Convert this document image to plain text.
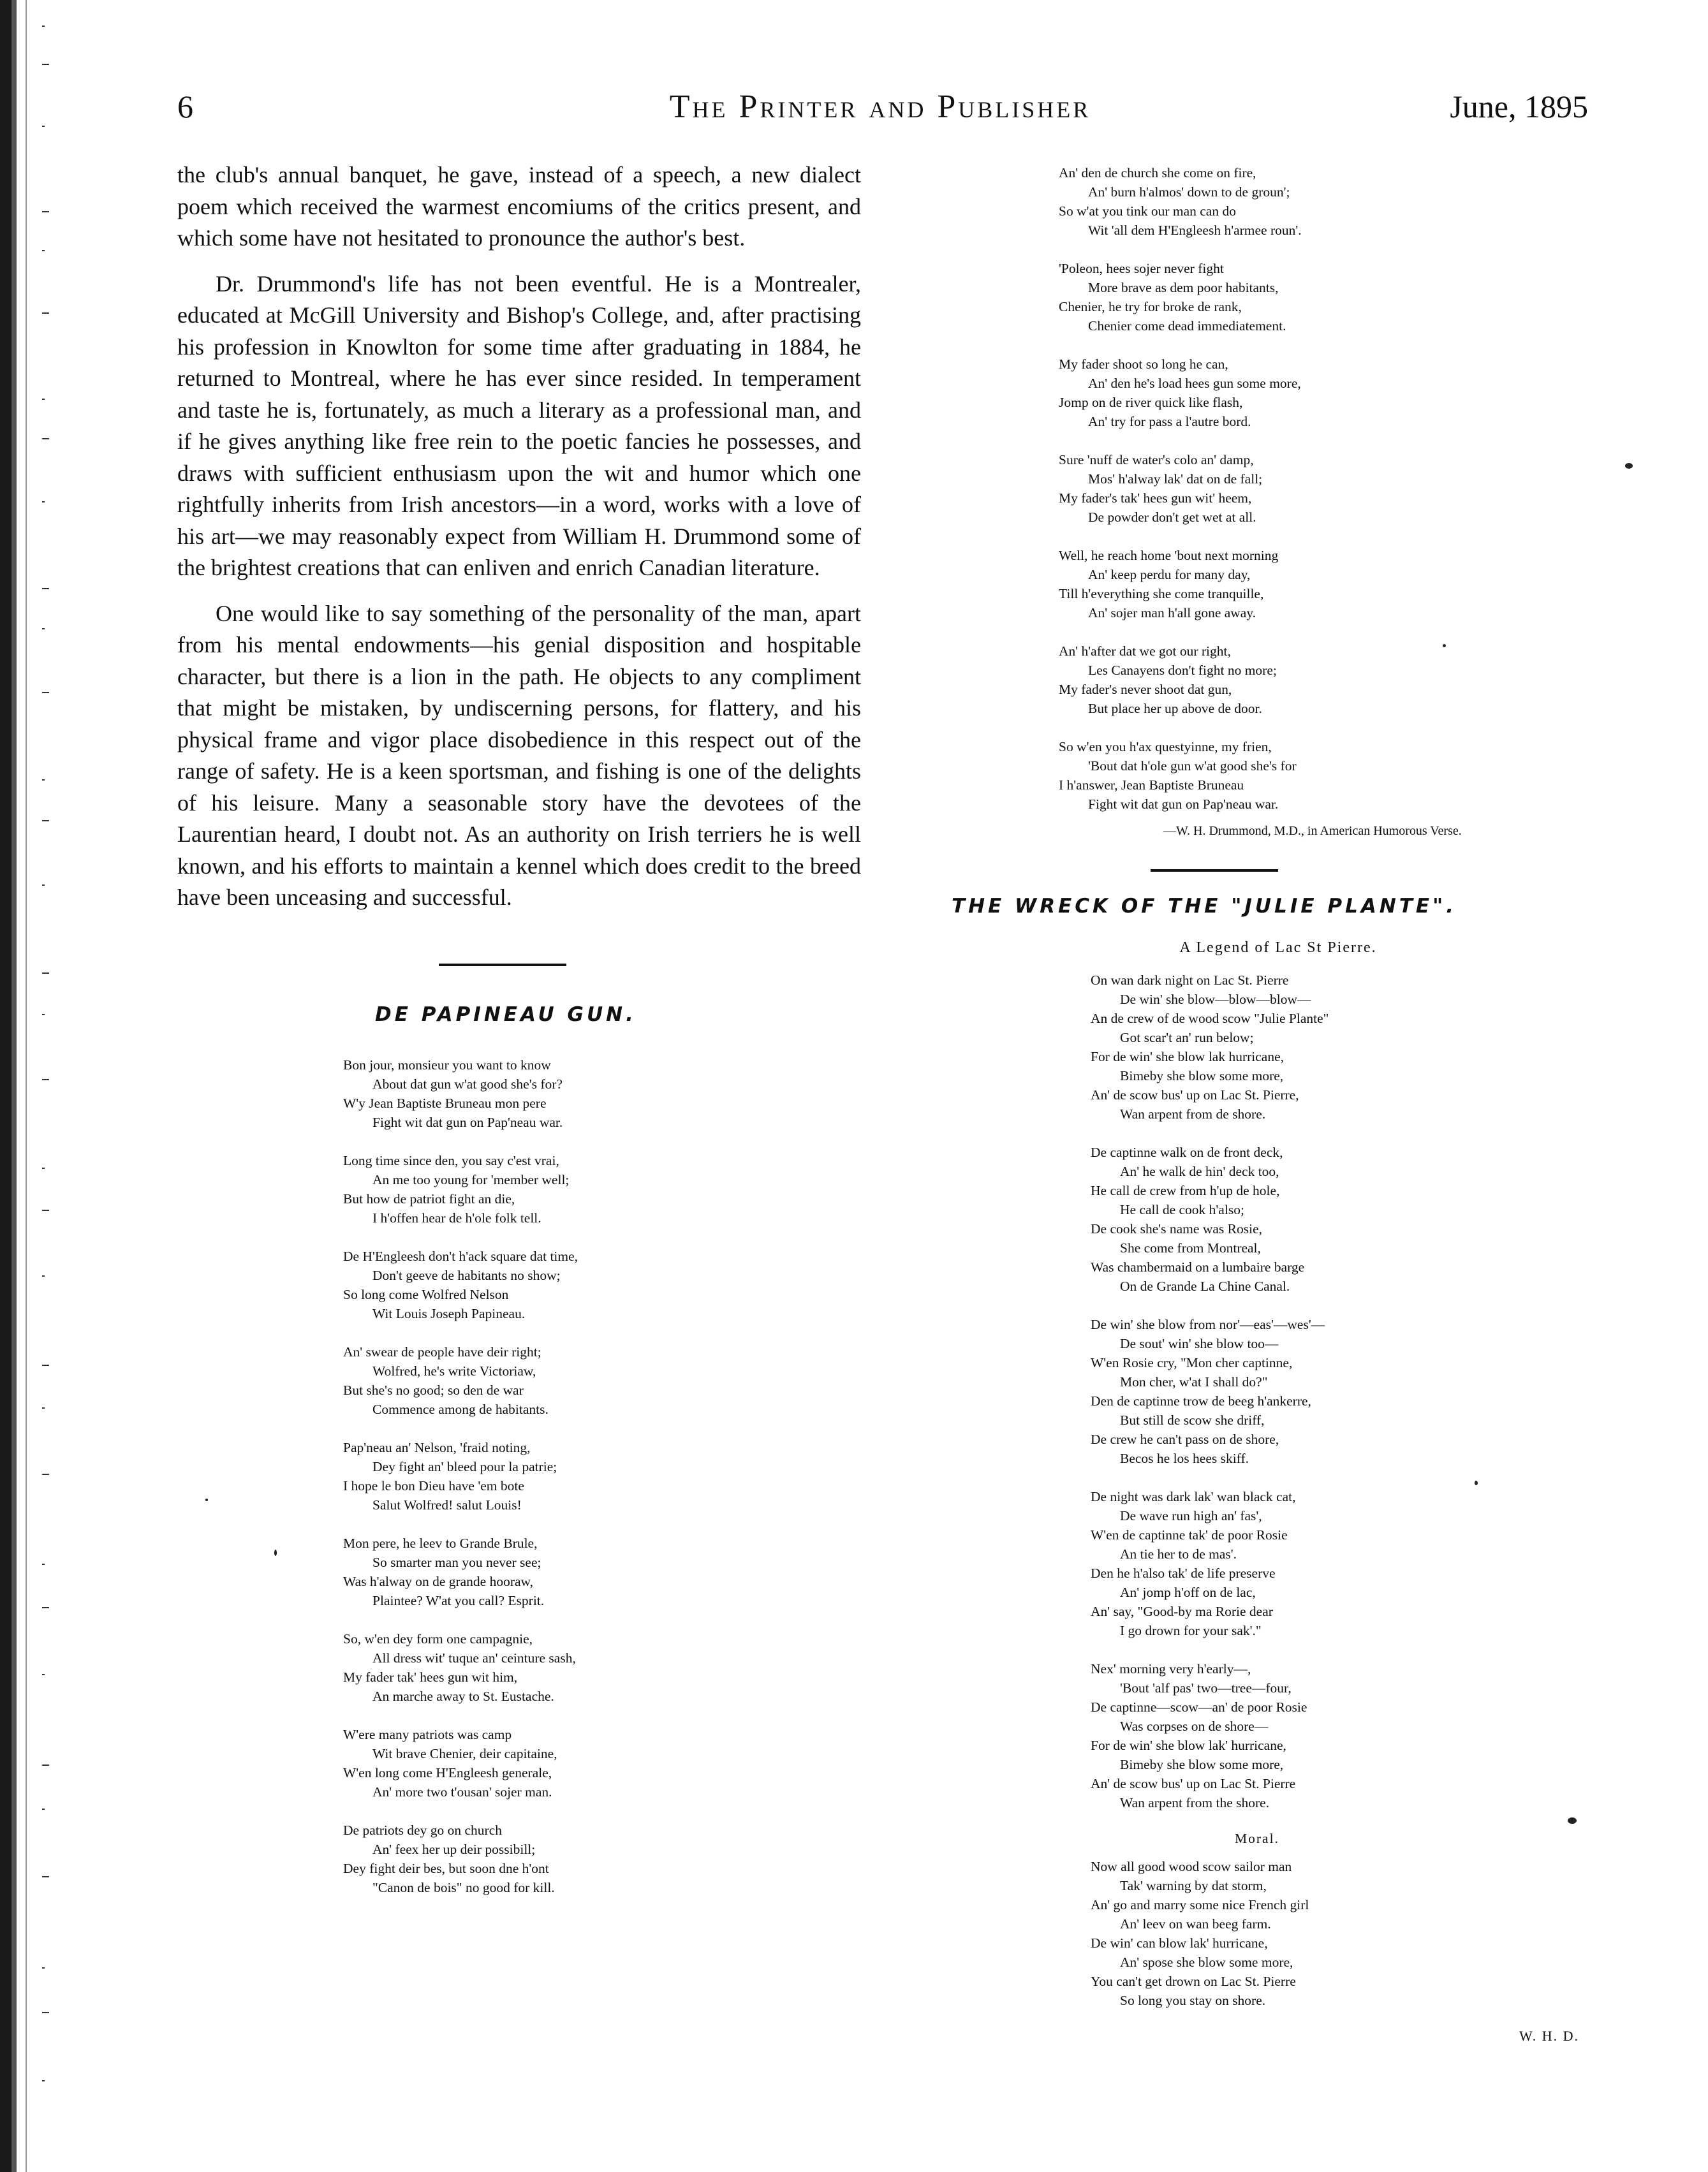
6	The Printer and Publisher	June, 1895

the club's annual banquet, he gave, instead of a speech, a new dialect poem which received the warmest encomiums of the critics present, and which some have not hesitated to pronounce the author's best.

Dr. Drummond's life has not been eventful. He is a Montrealer, educated at McGill University and Bishop's College, and, after practising his profession in Knowlton for some time after graduating in 1884, he returned to Montreal, where he has ever since resided. In temperament and taste he is, fortunately, as much a literary as a professional man, and if he gives anything like free rein to the poetic fancies he possesses, and draws with sufficient enthusiasm upon the wit and humor which one rightfully inherits from Irish ancestors—in a word, works with a love of his art—we may reasonably expect from William H. Drummond some of the brightest creations that can enliven and enrich Canadian literature.

One would like to say something of the personality of the man, apart from his mental endowments—his genial disposition and hospitable character, but there is a lion in the path. He objects to any compliment that might be mistaken, by undiscerning persons, for flattery, and his physical frame and vigor place disobedience in this respect out of the range of safety. He is a keen sportsman, and fishing is one of the delights of his leisure. Many a seasonable story have the devotees of the Laurentian heard, I doubt not. As an authority on Irish terriers he is well known, and his efforts to maintain a kennel which does credit to the breed have been unceasing and successful.

DE PAPINEAU GUN.
Bon jour, monsieur you want to know
About dat gun w'at good she's for?
W'y Jean Baptiste Bruneau mon pere
Fight wit dat gun on Pap'neau war.
Long time since den, you say c'est vrai,
An me too young for 'member well;
But how de patriot fight an die,
I h'offen hear de h'ole folk tell.
De H'Engleesh don't h'ack square dat time,
Don't geeve de habitants no show;
So long come Wolfred Nelson
Wit Louis Joseph Papineau.
An' swear de people have deir right;
Wolfred, he's write Victoriaw,
But she's no good; so den de war
Commence among de habitants.
Pap'neau an' Nelson, 'fraid noting,
Dey fight an' bleed pour la patrie;
I hope le bon Dieu have 'em bote
Salut Wolfred! salut Louis!
Mon pere, he leev to Grande Brule,
So smarter man you never see;
Was h'alway on de grande hooraw,
Plaintee? W'at you call? Esprit.
So, w'en dey form one campagnie,
All dress wit' tuque an' ceinture sash,
My fader tak' hees gun wit him,
An marche away to St. Eustache.
W'ere many patriots was camp
Wit brave Chenier, deir capitaine,
W'en long come H'Engleesh generale,
An' more two t'ousan' sojer man.
De patriots dey go on church
An' feex her up deir possibill;
Dey fight deir bes, but soon dne h'ont
"Canon de bois" no good for kill.
An' den de church she come on fire,
An' burn h'almos' down to de groun';
So w'at you tink our man can do
Wit 'all dem H'Engleesh h'armee roun'.
'Poleon, hees sojer never fight
More brave as dem poor habitants,
Chenier, he try for broke de rank,
Chenier come dead immediatement.
My fader shoot so long he can,
An' den he's load hees gun some more,
Jomp on de river quick like flash,
An' try for pass a l'autre bord.
Sure 'nuff de water's colo an' damp,
Mos' h'alway lak' dat on de fall;
My fader's tak' hees gun wit' heem,
De powder don't get wet at all.
Well, he reach home 'bout next morning
An' keep perdu for many day,
Till h'everything she come tranquille,
An' sojer man h'all gone away.
An' h'after dat we got our right,
Les Canayens don't fight no more;
My fader's never shoot dat gun,
But place her up above de door.
So w'en you h'ax questyinne, my frien,
'Bout dat h'ole gun w'at good she's for
I h'answer, Jean Baptiste Bruneau
Fight wit dat gun on Pap'neau war.
—W. H. Drummond, M.D., in American Humorous Verse.
THE WRECK OF THE "JULIE PLANTE".
A Legend of Lac St Pierre.
On wan dark night on Lac St. Pierre
De win' she blow—blow—blow—
An de crew of de wood scow "Julie Plante"
Got scar't an' run below;
For de win' she blow lak hurricane,
Bimeby she blow some more,
An' de scow bus' up on Lac St. Pierre,
Wan arpent from de shore.
De captinne walk on de front deck,
An' he walk de hin' deck too,
He call de crew from h'up de hole,
He call de cook h'also;
De cook she's name was Rosie,
She come from Montreal,
Was chambermaid on a lumbaire barge
On de Grande La Chine Canal.
De win' she blow from nor'—eas'—wes'—
De sout' win' she blow too—
W'en Rosie cry, "Mon cher captinne,
Mon cher, w'at I shall do?"
Den de captinne trow de beeg h'ankerre,
But still de scow she driff,
De crew he can't pass on de shore,
Becos he los hees skiff.
De night was dark lak' wan black cat,
De wave run high an' fas',
W'en de captinne tak' de poor Rosie
An tie her to de mas'.
Den he h'also tak' de life preserve
An' jomp h'off on de lac,
An' say, "Good-by ma Rorie dear
I go drown for your sak'."
Nex' morning very h'early—,
'Bout 'alf pas' two—tree—four,
De captinne—scow—an' de poor Rosie
Was corpses on de shore—
For de win' she blow lak' hurricane,
Bimeby she blow some more,
An' de scow bus' up on Lac St. Pierre
Wan arpent from the shore.
Moral.
Now all good wood scow sailor man
Tak' warning by dat storm,
An' go and marry some nice French girl
An' leev on wan beeg farm.
De win' can blow lak' hurricane,
An' spose she blow some more,
You can't get drown on Lac St. Pierre
So long you stay on shore.
W. H. D.
